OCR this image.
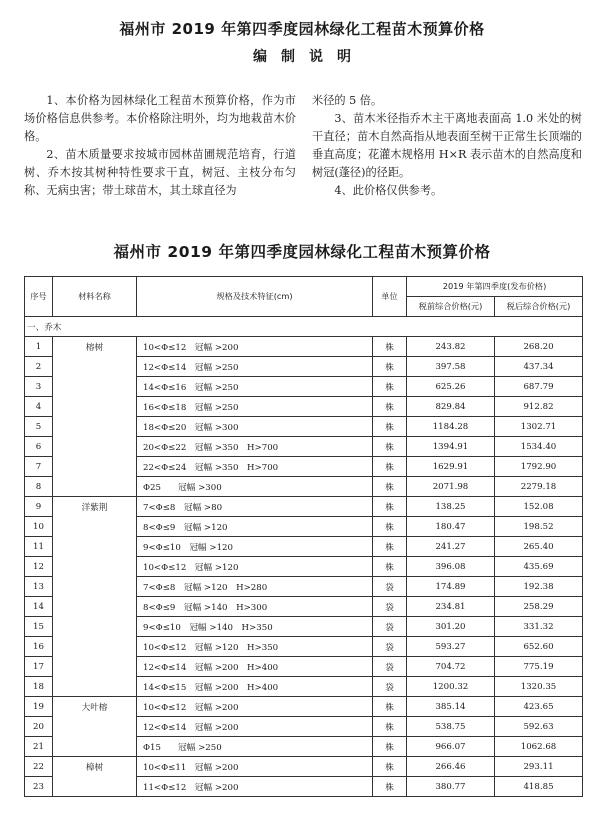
福州市 2019 年第四季度园林绿化工程苗木预算价格
编制说明

1、本价格为园林绿化工程苗木预算价格，作为市场价格信息供参考。本价格除注明外，均为地栽苗木价格。

2、苗木质量要求按城市园林苗圃规范培育，行道树、乔木按其树种特性要求干直，树冠、主枝分布匀称、无病虫害；带土球苗木，其土球直径为

米径的 5 倍。

3、苗木米径指乔木主干离地表面高 1.0 米处的树干直径；苗木自然高指从地表面至树干正常生长顶端的垂直高度；花灌木规格用 H×R 表示苗木的自然高度和树冠(蓬径)的径距。

4、此价格仅供参考。

福州市 2019 年第四季度园林绿化工程苗木预算价格
序号	材料名称	规格及技术特征(cm)	单位	2019 年第四季度(发布价格)	
				税前综合价格(元)	税后综合价格(元)
一、乔木					
1	榕树	10<Φ≤12　冠幅 >200	株	243.82	268.20
2		12<Φ≤14　冠幅 >250	株	397.58	437.34
3		14<Φ≤16　冠幅 >250	株	625.26	687.79
4		16<Φ≤18　冠幅 >250	株	829.84	912.82
5		18<Φ≤20　冠幅 >300	株	1184.28	1302.71
6		20<Φ≤22　冠幅 >350　H>700	株	1394.91	1534.40
7		22<Φ≤24　冠幅 >350　H>700	株	1629.91	1792.90
8		Φ25　　冠幅 >300	株	2071.98	2279.18
9	洋紫荆	7<Φ≤8　冠幅 >80	株	138.25	152.08
10		8<Φ≤9　冠幅 >120	株	180.47	198.52
11		9<Φ≤10　冠幅 >120	株	241.27	265.40
12		10<Φ≤12　冠幅 >120	株	396.08	435.69
13		7<Φ≤8　冠幅 >120　H>280	袋	174.89	192.38
14		8<Φ≤9　冠幅 >140　H>300	袋	234.81	258.29
15		9<Φ≤10　冠幅 >140　H>350	袋	301.20	331.32
16		10<Φ≤12　冠幅 >120　H>350	袋	593.27	652.60
17		12<Φ≤14　冠幅 >200　H>400	袋	704.72	775.19
18		14<Φ≤15　冠幅 >200　H>400	袋	1200.32	1320.35
19	大叶榕	10<Φ≤12　冠幅 >200	株	385.14	423.65
20		12<Φ≤14　冠幅 >200	株	538.75	592.63
21		Φ15　　冠幅 >250	株	966.07	1062.68
22	樟树	10<Φ≤11　冠幅 >200	株	266.46	293.11
23		11<Φ≤12　冠幅 >200	株	380.77	418.85
